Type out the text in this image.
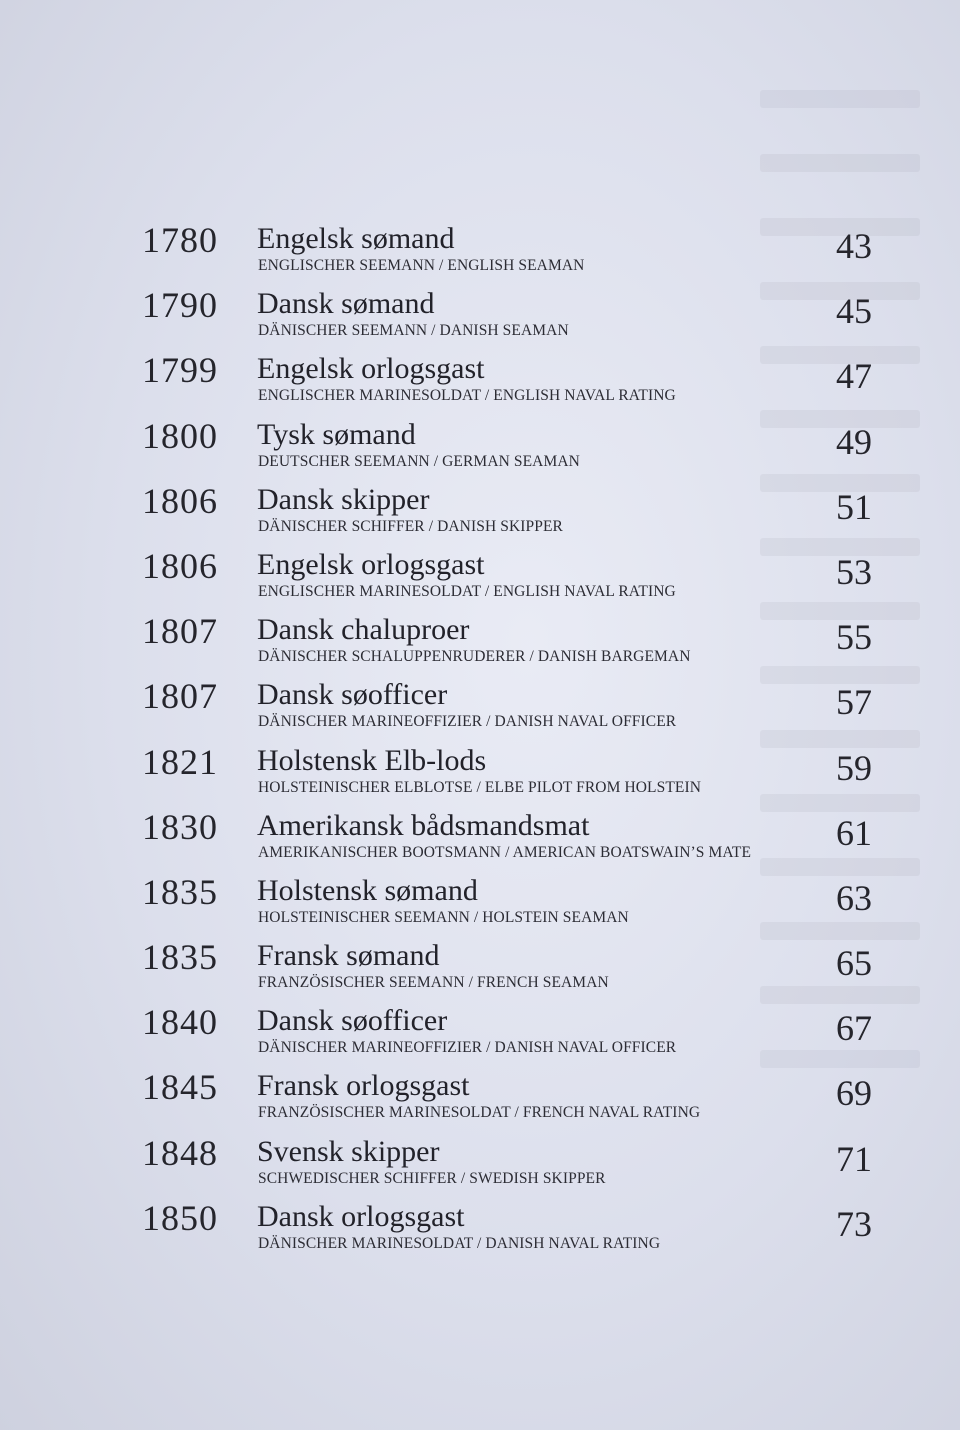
1780 Engelsk sømand
ENGLISCHER SEEMANN / ENGLISH SEAMAN	43
1790 Dansk sømand
DÄNISCHER SEEMANN / DANISH SEAMAN	45
1799 Engelsk orlogsgast
ENGLISCHER MARINESOLDAT / ENGLISH NAVAL RATING	47
1800 Tysk sømand
DEUTSCHER SEEMANN / GERMAN SEAMAN	49
1806 Dansk skipper
DÄNISCHER SCHIFFER / DANISH SKIPPER	51
1806 Engelsk orlogsgast
ENGLISCHER MARINESOLDAT / ENGLISH NAVAL RATING	53
1807 Dansk chaluproer
DÄNISCHER SCHALUPPENRUDERER / DANISH BARGEMAN	55
1807 Dansk søofficer
DÄNISCHER MARINEOFFIZIER / DANISH NAVAL OFFICER	57
1821 Holstensk Elb-lods
HOLSTEINISCHER ELBLOTSE / ELBE PILOT FROM HOLSTEIN	59
1830 Amerikansk bådsmandsmat
AMERIKANISCHER BOOTSMANN / AMERICAN BOATSWAIN’S MATE 61
1835 Holstensk sømand
HOLSTEINISCHER SEEMANN / HOLSTEIN SEAMAN	63
1835 Fransk sømand
FRANZÖSISCHER SEEMANN / FRENCH SEAMAN	65
1840 Dansk søofficer
DÄNISCHER MARINEOFFIZIER / DANISH NAVAL OFFICER	67
1845 Fransk orlogsgast
FRANZÖSISCHER MARINESOLDAT / FRENCH NAVAL RATING	69
1848 Svensk skipper
SCHWEDISCHER SCHIFFER / SWEDISH SKIPPER	71
1850 Dansk orlogsgast
DÄNISCHER MARINESOLDAT / DANISH NAVAL RATING	73
